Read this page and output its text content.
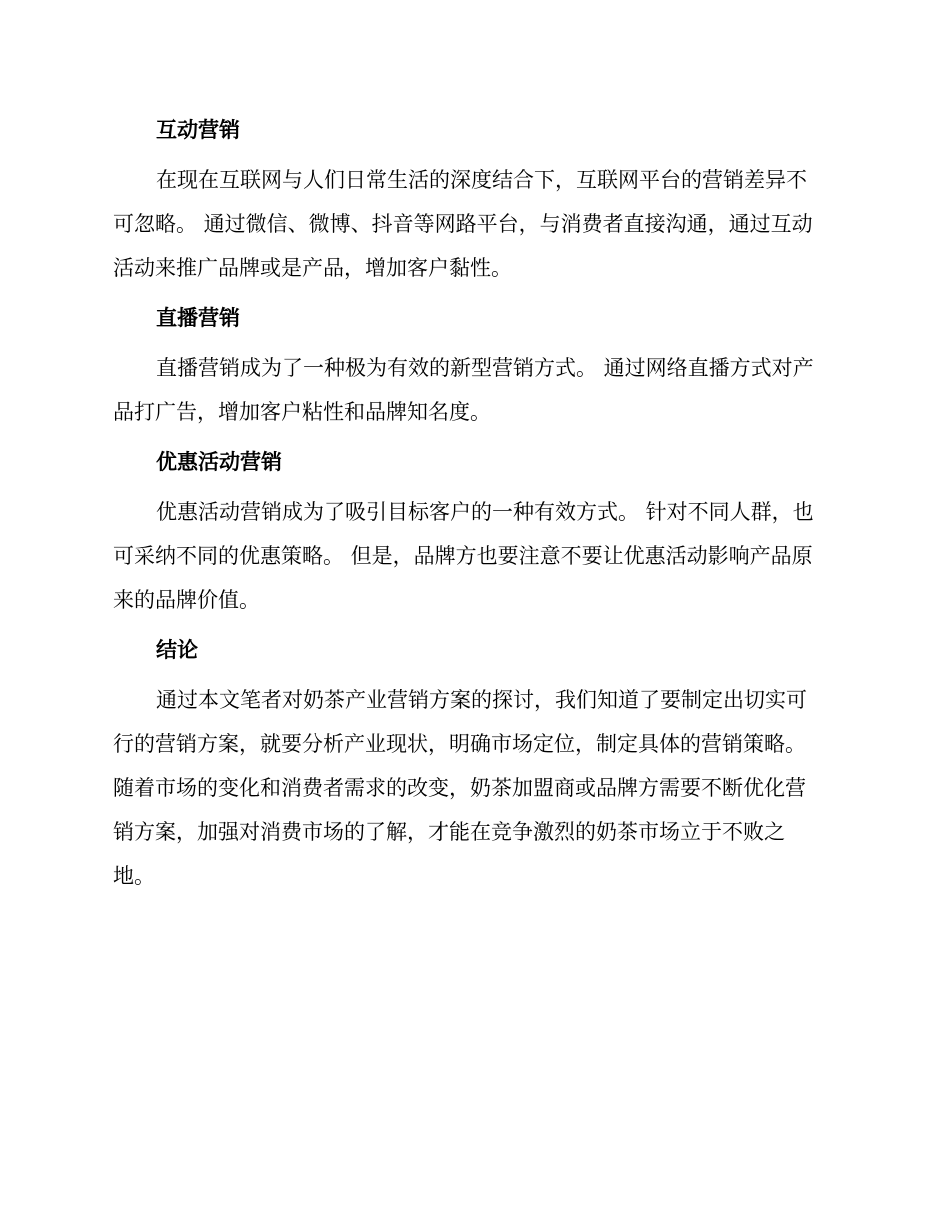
互动营销

在现在互联网与人们日常生活的深度结合下，互联网平台的营销差异不
可忽略。 通过微信、微博、抖音等网路平台，与消费者直接沟通，通过互动
活动来推广品牌或是产品，增加客户黏性。

直播营销

直播营销成为了一种极为有效的新型营销方式。 通过网络直播方式对产
品打广告，增加客户粘性和品牌知名度。

优惠活动营销

优惠活动营销成为了吸引目标客户的一种有效方式。 针对不同人群，也
可采纳不同的优惠策略。 但是，品牌方也要注意不要让优惠活动影响产品原
来的品牌价值。

结论

通过本文笔者对奶茶产业营销方案的探讨，我们知道了要制定出切实可
行的营销方案，就要分析产业现状，明确市场定位，制定具体的营销策略。
随着市场的变化和消费者需求的改变，奶茶加盟商或品牌方需要不断优化营
销方案，加强对消费市场的了解，才能在竞争激烈的奶茶市场立于不败之
地。
